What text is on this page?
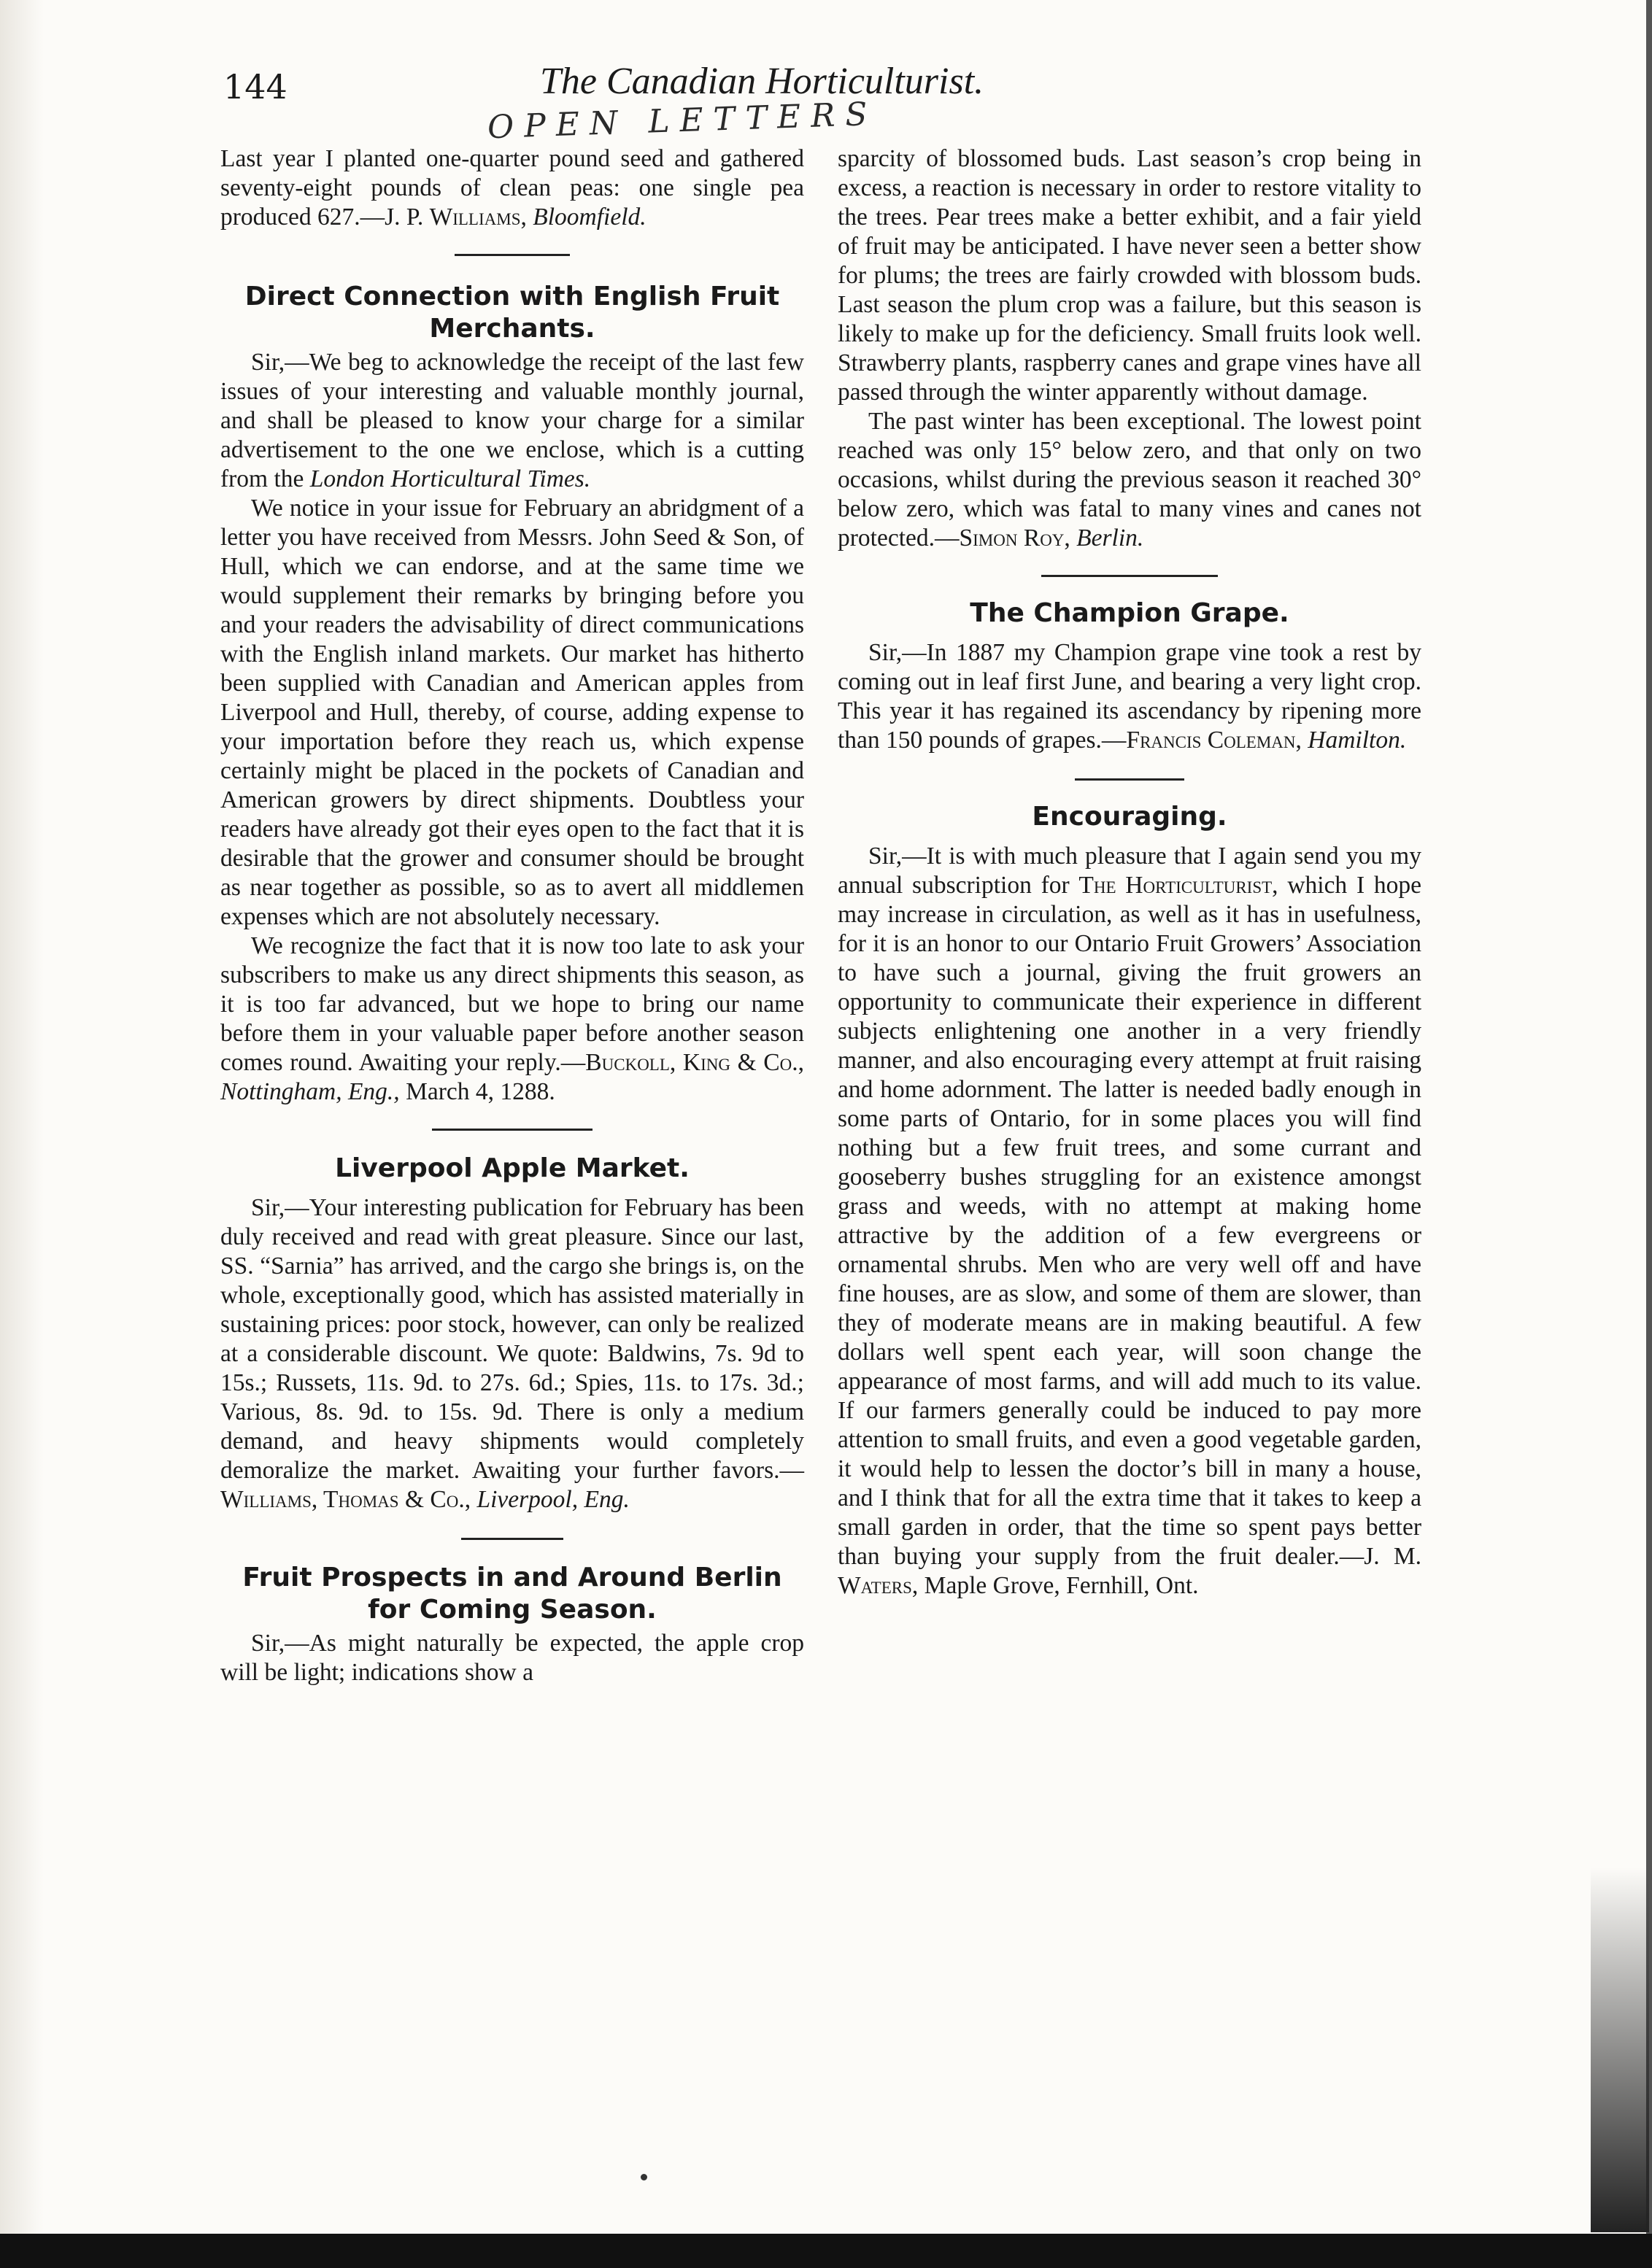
144	The Canadian Horticulturist.
OPEN LETTERS

Last year I planted one-quarter pound seed and gathered seventy-eight pounds of clean peas: one single pea produced 627.—J. P. Williams, Bloomfield.

Direct Connection with English Fruit Merchants.

Sir,—We beg to acknowledge the receipt of the last few issues of your interesting and valuable monthly journal, and shall be pleased to know your charge for a similar advertisement to the one we enclose, which is a cutting from the London Horticultural Times.

We notice in your issue for February an abridgment of a letter you have received from Messrs. John Seed & Son, of Hull, which we can endorse, and at the same time we would supplement their remarks by bringing before you and your readers the advisability of direct communications with the English inland markets. Our market has hitherto been supplied with Canadian and American apples from Liverpool and Hull, thereby, of course, adding expense to your importation before they reach us, which expense certainly might be placed in the pockets of Canadian and American growers by direct shipments. Doubtless your readers have already got their eyes open to the fact that it is desirable that the grower and consumer should be brought as near together as possible, so as to avert all middlemen expenses which are not absolutely necessary.

We recognize the fact that it is now too late to ask your subscribers to make us any direct shipments this season, as it is too far advanced, but we hope to bring our name before them in your valuable paper before another season comes round. Awaiting your reply.—Buckoll, King & Co., Nottingham, Eng., March 4, 1288.

Liverpool Apple Market.

Sir,—Your interesting publication for February has been duly received and read with great pleasure. Since our last, SS. “Sarnia” has arrived, and the cargo she brings is, on the whole, exceptionally good, which has assisted materially in sustaining prices: poor stock, however, can only be realized at a considerable discount. We quote: Baldwins, 7s. 9d to 15s.; Russets, 11s. 9d. to 27s. 6d.; Spies, 11s. to 17s. 3d.; Various, 8s. 9d. to 15s. 9d. There is only a medium demand, and heavy shipments would completely demoralize the market. Awaiting your further favors.—Williams, Thomas & Co., Liverpool, Eng.

Fruit Prospects in and Around Berlin for Coming Season.

Sir,—As might naturally be expected, the apple crop will be light; indications show a

sparcity of blossomed buds. Last season’s crop being in excess, a reaction is necessary in order to restore vitality to the trees. Pear trees make a better exhibit, and a fair yield of fruit may be anticipated. I have never seen a better show for plums; the trees are fairly crowded with blossom buds. Last season the plum crop was a failure, but this season is likely to make up for the deficiency. Small fruits look well. Strawberry plants, raspberry canes and grape vines have all passed through the winter apparently without damage.

The past winter has been exceptional. The lowest point reached was only 15° below zero, and that only on two occasions, whilst during the previous season it reached 30° below zero, which was fatal to many vines and canes not protected.—Simon Roy, Berlin.

The Champion Grape.

Sir,—In 1887 my Champion grape vine took a rest by coming out in leaf first June, and bearing a very light crop. This year it has regained its ascendancy by ripening more than 150 pounds of grapes.—Francis Coleman, Hamilton.

Encouraging.

Sir,—It is with much pleasure that I again send you my annual subscription for The Horticulturist, which I hope may increase in circulation, as well as it has in usefulness, for it is an honor to our Ontario Fruit Growers’ Association to have such a journal, giving the fruit growers an opportunity to communicate their experience in different subjects enlightening one another in a very friendly manner, and also encouraging every attempt at fruit raising and home adornment. The latter is needed badly enough in some parts of Ontario, for in some places you will find nothing but a few fruit trees, and some currant and gooseberry bushes struggling for an existence amongst grass and weeds, with no attempt at making home attractive by the addition of a few evergreens or ornamental shrubs. Men who are very well off and have fine houses, are as slow, and some of them are slower, than they of moderate means are in making beautiful. A few dollars well spent each year, will soon change the appearance of most farms, and will add much to its value. If our farmers generally could be induced to pay more attention to small fruits, and even a good vegetable garden, it would help to lessen the doctor’s bill in many a house, and I think that for all the extra time that it takes to keep a small garden in order, that the time so spent pays better than buying your supply from the fruit dealer.—J. M. Waters, Maple Grove, Fernhill, Ont.
